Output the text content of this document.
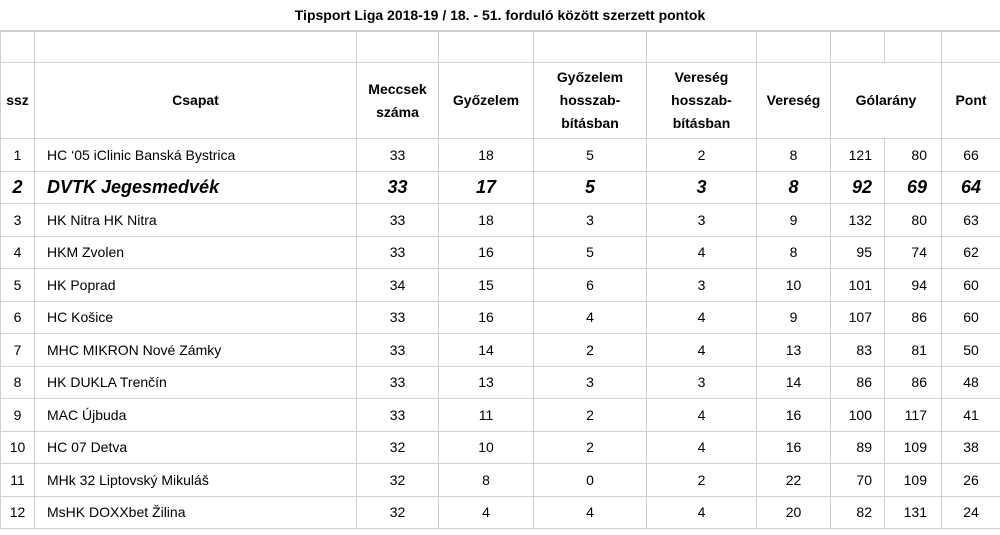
Tipsport Liga 2018-19 / 18. - 51. forduló között szerzett pontok

ssz	Csapat	Meccsek száma	Győzelem	Győzelem hosszab-bításban	Vereség hosszab-bításban	Vereség	Gólarány		Pont
1	HC ‘05 iClinic Banská Bystrica	33	18	5	2	8	121	80	66
2	DVTK Jegesmedvék	33	17	5	3	8	92	69	64
3	HK Nitra HK Nitra	33	18	3	3	9	132	80	63
4	HKM Zvolen	33	16	5	4	8	95	74	62
5	HK Poprad	34	15	6	3	10	101	94	60
6	HC Košice	33	16	4	4	9	107	86	60
7	MHC MIKRON Nové Zámky	33	14	2	4	13	83	81	50
8	HK DUKLA Trenčín	33	13	3	3	14	86	86	48
9	MAC Újbuda	33	11	2	4	16	100	117	41
10	HC 07 Detva	32	10	2	4	16	89	109	38
11	MHk 32 Liptovský Mikuláš	32	8	0	2	22	70	109	26
12	MsHK DOXXbet Žilina	32	4	4	4	20	82	131	24
